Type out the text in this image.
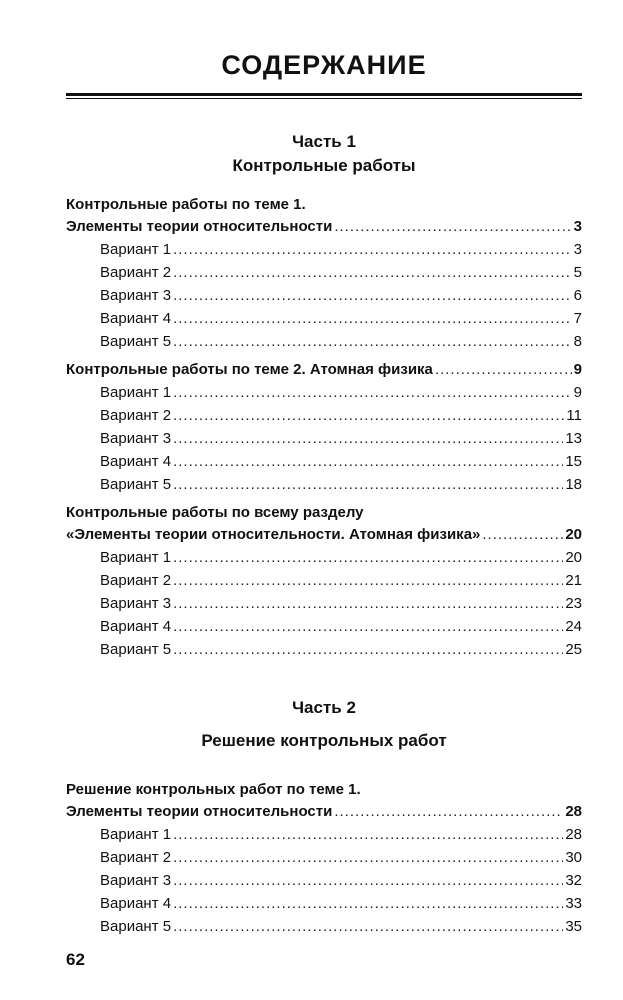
СОДЕРЖАНИЕ
Часть 1
Контрольные работы
Контрольные работы по теме 1.
Элементы теории относительности .....	3
Вариант 1 .....	3
Вариант 2 .....	5
Вариант 3 .....	6
Вариант 4 .....	7
Вариант 5 .....	8
Контрольные работы по теме 2. Атомная физика .....	9
Вариант 1 .....	9
Вариант 2 .....	11
Вариант 3 .....	13
Вариант 4 .....	15
Вариант 5 .....	18
Контрольные работы по всему разделу
«Элементы теории относительности. Атомная физика» .....	20
Вариант 1 .....	20
Вариант 2 .....	21
Вариант 3 .....	23
Вариант 4 .....	24
Вариант 5 .....	25
Часть 2
Решение контрольных работ
Решение контрольных работ по теме 1.
Элементы теории относительности .....	28
Вариант 1 .....	28
Вариант 2 .....	30
Вариант 3 .....	32
Вариант 4 .....	33
Вариант 5 .....	35
62
